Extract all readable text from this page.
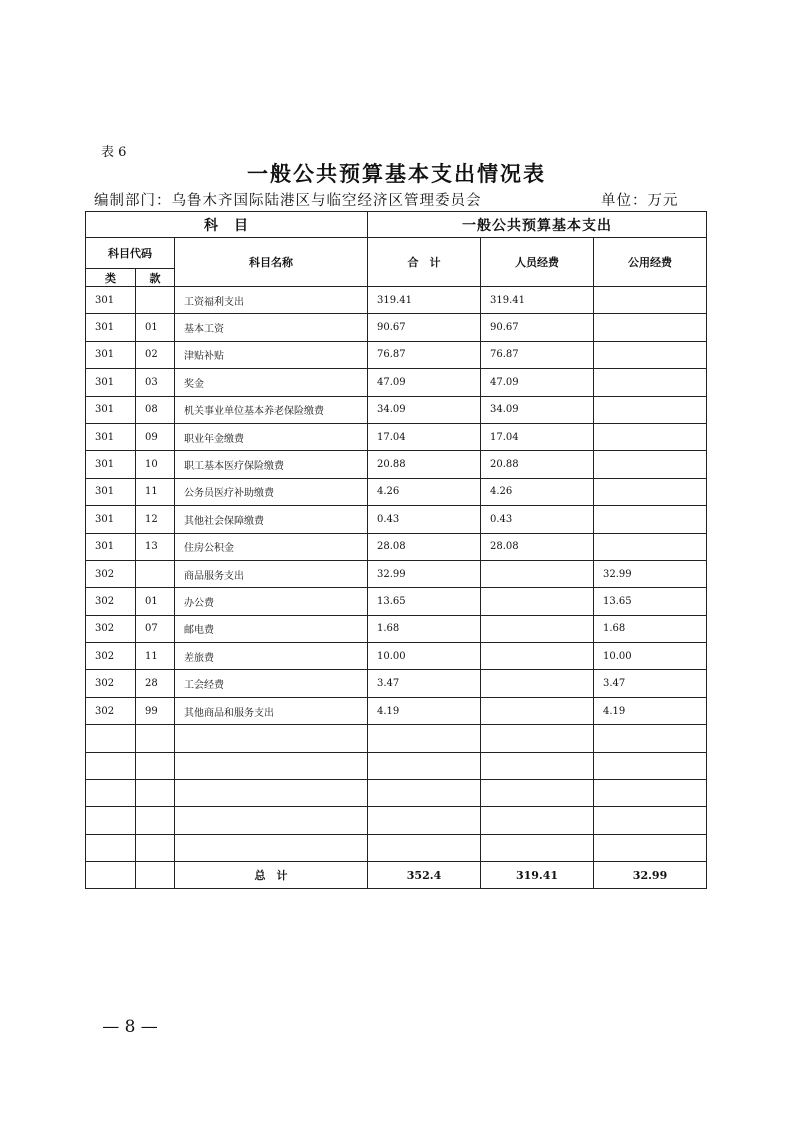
表 6
一般公共预算基本支出情况表
编制部门：乌鲁木齐国际陆港区与临空经济区管理委员会	单位：万元
科　目			一般公共预算基本支出		
科目代码		科目名称	合　计	人员经费	公用经费
类	款				
301		工资福利支出	319.41	319.41	
301	01	基本工资	90.67	90.67	
301	02	津贴补贴	76.87	76.87	
301	03	奖金	47.09	47.09	
301	08	机关事业单位基本养老保险缴费	34.09	34.09	
301	09	职业年金缴费	17.04	17.04	
301	10	职工基本医疗保险缴费	20.88	20.88	
301	11	公务员医疗补助缴费	4.26	4.26	
301	12	其他社会保障缴费	0.43	0.43	
301	13	住房公积金	28.08	28.08	
302		商品服务支出	32.99		32.99
302	01	办公费	13.65		13.65
302	07	邮电费	1.68		1.68
302	11	差旅费	10.00		10.00
302	28	工会经费	3.47		3.47
302	99	其他商品和服务支出	4.19		4.19

		总　计	352.4	319.41	32.99
— 8 —
